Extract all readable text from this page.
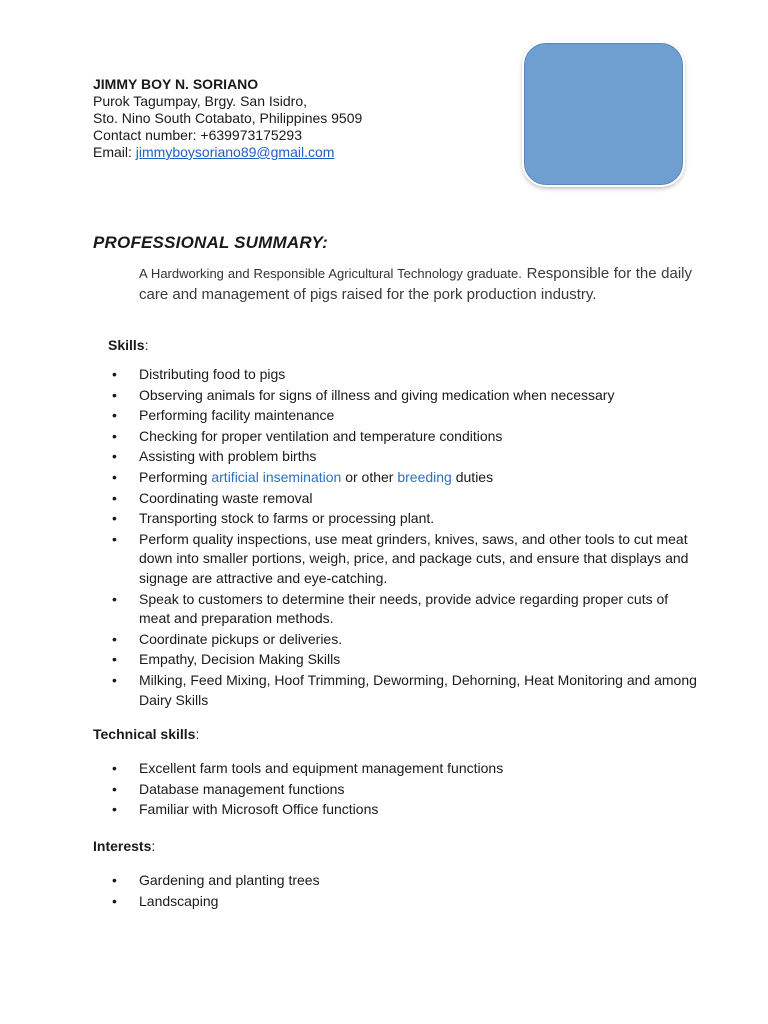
JIMMY BOY N. SORIANO
Purok Tagumpay, Brgy. San Isidro,
Sto. Nino South Cotabato, Philippines 9509
Contact number: +639973175293
Email: jimmyboysoriano89@gmail.com
PROFESSIONAL SUMMARY:
A Hardworking and Responsible Agricultural Technology graduate. Responsible for the daily care and management of pigs raised for the pork production industry.
Skills:
• Distributing food to pigs
• Observing animals for signs of illness and giving medication when necessary
• Performing facility maintenance
• Checking for proper ventilation and temperature conditions
• Assisting with problem births
• Performing artificial insemination or other breeding duties
• Coordinating waste removal
• Transporting stock to farms or processing plant.
• Perform quality inspections, use meat grinders, knives, saws, and other tools to cut meat down into smaller portions, weigh, price, and package cuts, and ensure that displays and signage are attractive and eye-catching.
• Speak to customers to determine their needs, provide advice regarding proper cuts of meat and preparation methods.
• Coordinate pickups or deliveries.
• Empathy, Decision Making Skills
• Milking, Feed Mixing, Hoof Trimming, Deworming, Dehorning, Heat Monitoring and among Dairy Skills
Technical skills:
• Excellent farm tools and equipment management functions
• Database management functions
• Familiar with Microsoft Office functions
Interests:
• Gardening and planting trees
• Landscaping
